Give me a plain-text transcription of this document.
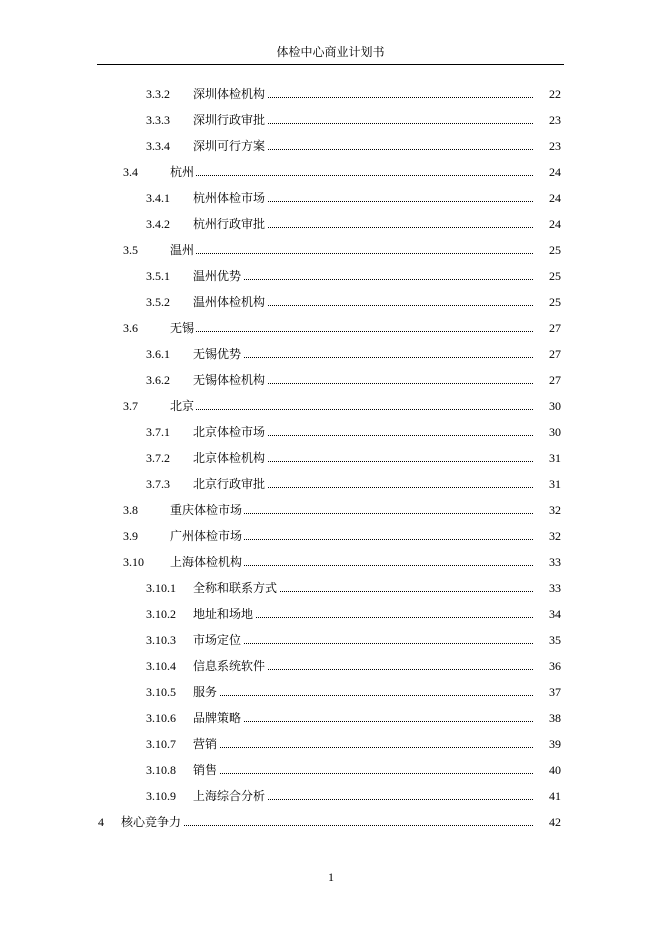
体检中心商业计划书
3.3.2 深圳体检机构	22
3.3.3 深圳行政审批	23
3.3.4 深圳可行方案	23
3.4	杭州	24
3.4.1 杭州体检市场	24
3.4.2 杭州行政审批	24
3.5	温州	25
3.5.1 温州优势	25
3.5.2 温州体检机构	25
3.6	无锡	27
3.6.1 无锡优势	27
3.6.2 无锡体检机构	27
3.7	北京	30
3.7.1 北京体检市场	30
3.7.2 北京体检机构	31
3.7.3 北京行政审批	31
3.8	重庆体检市场	32
3.9	广州体检市场	32
3.10 上海体检机构	33
3.10.1 全称和联系方式	33
3.10.2 地址和场地	34
3.10.3 市场定位	35
3.10.4 信息系统软件	36
3.10.5 服务	37
3.10.6 品牌策略	38
3.10.7 营销	39
3.10.8 销售	40
3.10.9 上海综合分析	41
4 核心竞争力	42
1
